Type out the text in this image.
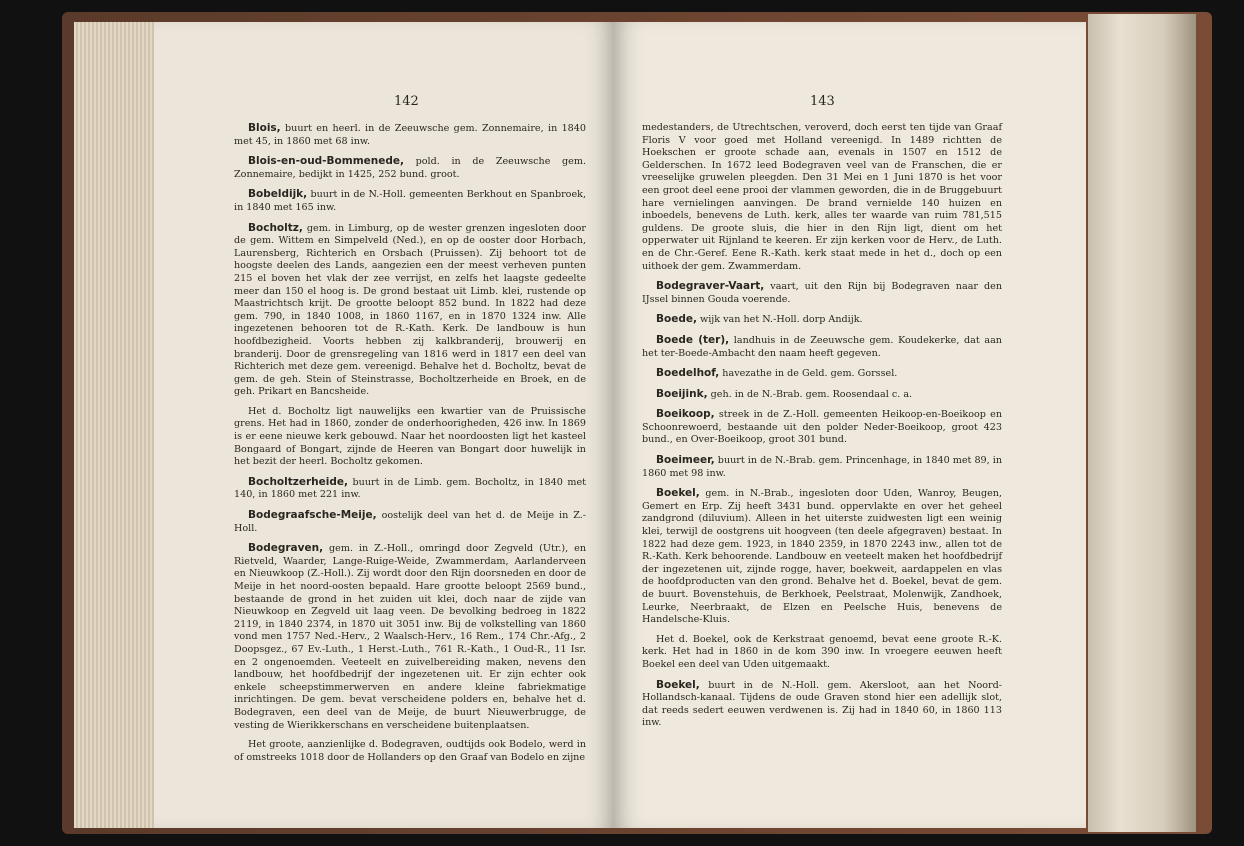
142

Blois, buurt en heerl. in de Zeeuwsche gem. Zonnemaire, in 1840 met 45, in 1860 met 68 inw.

Blois-en-oud-Bommenede, pold. in de Zeeuwsche gem. Zonnemaire, bedijkt in 1425, 252 bund. groot.

Bobeldijk, buurt in de N.-Holl. gemeenten Berkhout en Spanbroek, in 1840 met 165 inw.

Bocholtz, gem. in Limburg, op de wester grenzen ingesloten door de gem. Wittem en Simpelveld (Ned.), en op de ooster door Horbach, Laurensberg, Richterich en Orsbach (Pruissen). Zij behoort tot de hoogste deelen des Lands, aangezien een der meest verheven punten 215 el boven het vlak der zee verrijst, en zelfs het laagste gedeelte meer dan 150 el hoog is. De grond bestaat uit Limb. klei, rustende op Maastrichtsch krijt. De grootte beloopt 852 bund. In 1822 had deze gem. 790, in 1840 1008, in 1860 1167, en in 1870 1324 inw. Alle ingezetenen behooren tot de R.-Kath. Kerk. De landbouw is hun hoofdbezigheid. Voorts hebben zij kalkbranderij, brouwerij en branderij. Door de grensregeling van 1816 werd in 1817 een deel van Richterich met deze gem. vereenigd. Behalve het d. Bocholtz, bevat de gem. de geh. Stein of Steinstrasse, Bocholtzerheide en Broek, en de geh. Prikart en Bancsheide.

Het d. Bocholtz ligt nauwelijks een kwartier van de Pruissische grens. Het had in 1860, zonder de onderhoorigheden, 426 inw. In 1869 is er eene nieuwe kerk gebouwd. Naar het noordoosten ligt het kasteel Bongaard of Bongart, zijnde de Heeren van Bongart door huwelijk in het bezit der heerl. Bocholtz gekomen.

Bocholtzerheide, buurt in de Limb. gem. Bocholtz, in 1840 met 140, in 1860 met 221 inw.

Bodegraafsche-Meije, oostelijk deel van het d. de Meije in Z.-Holl.

Bodegraven, gem. in Z.-Holl., omringd door Zegveld (Utr.), en Rietveld, Waarder, Lange-Ruige-Weide, Zwammerdam, Aarlanderveen en Nieuwkoop (Z.-Holl.). Zij wordt door den Rijn doorsneden en door de Meije in het noord-oosten bepaald. Hare grootte beloopt 2569 bund., bestaande de grond in het zuiden uit klei, doch naar de zijde van Nieuwkoop en Zegveld uit laag veen. De bevolking bedroeg in 1822 2119, in 1840 2374, in 1870 uit 3051 inw. Bij de volkstelling van 1860 vond men 1757 Ned.-Herv., 2 Waalsch-Herv., 16 Rem., 174 Chr.-Afg., 2 Doopsgez., 67 Ev.-Luth., 1 Herst.-Luth., 761 R.-Kath., 1 Oud-R., 11 Isr. en 2 ongenoemden. Veeteelt en zuivelbereiding maken, nevens den landbouw, het hoofdbedrijf der ingezetenen uit. Er zijn echter ook enkele scheepstimmerwerven en andere kleine fabriekmatige inrichtingen. De gem. bevat verscheidene polders en, behalve het d. Bodegraven, een deel van de Meije, de buurt Nieuwerbrugge, de vesting de Wierikkerschans en verscheidene buitenplaatsen.

Het groote, aanzienlijke d. Bodegraven, oudtijds ook Bodelo, werd in of omstreeks 1018 door de Hollanders op den Graaf van Bodelo en zijne

143

medestanders, de Utrechtschen, veroverd, doch eerst ten tijde van Graaf Floris V voor goed met Holland vereenigd. In 1489 richtten de Hoekschen er groote schade aan, evenals in 1507 en 1512 de Gelderschen. In 1672 leed Bodegraven veel van de Franschen, die er vreeselijke gruwelen pleegden. Den 31 Mei en 1 Juni 1870 is het voor een groot deel eene prooi der vlammen geworden, die in de Bruggebuurt hare vernielingen aanvingen. De brand vernielde 140 huizen en inboedels, benevens de Luth. kerk, alles ter waarde van ruim 781,515 guldens. De groote sluis, die hier in den Rijn ligt, dient om het opperwater uit Rijnland te keeren. Er zijn kerken voor de Herv., de Luth. en de Chr.-Geref. Eene R.-Kath. kerk staat mede in het d., doch op een uithoek der gem. Zwammerdam.

Bodegraver-Vaart, vaart, uit den Rijn bij Bodegraven naar den IJssel binnen Gouda voerende.

Boede, wijk van het N.-Holl. dorp Andijk.

Boede (ter), landhuis in de Zeeuwsche gem. Koudekerke, dat aan het ter-Boede-Ambacht den naam heeft gegeven.

Boedelhof, havezathe in de Geld. gem. Gorssel.

Boeijink, geh. in de N.-Brab. gem. Roosendaal c. a.

Boeikoop, streek in de Z.-Holl. gemeenten Heikoop-en-Boeikoop en Schoonrewoerd, bestaande uit den polder Neder-Boeikoop, groot 423 bund., en Over-Boeikoop, groot 301 bund.

Boeimeer, buurt in de N.-Brab. gem. Princenhage, in 1840 met 89, in 1860 met 98 inw.

Boekel, gem. in N.-Brab., ingesloten door Uden, Wanroy, Beugen, Gemert en Erp. Zij heeft 3431 bund. oppervlakte en over het geheel zandgrond (diluvium). Alleen in het uiterste zuidwesten ligt een weinig klei, terwijl de oostgrens uit hoogveen (ten deele afgegraven) bestaat. In 1822 had deze gem. 1923, in 1840 2359, in 1870 2243 inw., allen tot de R.-Kath. Kerk behoorende. Landbouw en veeteelt maken het hoofdbedrijf der ingezetenen uit, zijnde rogge, haver, boekweit, aardappelen en vlas de hoofdproducten van den grond. Behalve het d. Boekel, bevat de gem. de buurt. Bovenstehuis, de Berkhoek, Peelstraat, Molenwijk, Zandhoek, Leurke, Neerbraakt, de Elzen en Peelsche Huis, benevens de Handelsche-Kluis.

Het d. Boekel, ook de Kerkstraat genoemd, bevat eene groote R.-K. kerk. Het had in 1860 in de kom 390 inw. In vroegere eeuwen heeft Boekel een deel van Uden uitgemaakt.

Boekel, buurt in de N.-Holl. gem. Akersloot, aan het Noord-Hollandsch-kanaal. Tijdens de oude Graven stond hier een adellijk slot, dat reeds sedert eeuwen verdwenen is. Zij had in 1840 60, in 1860 113 inw.
